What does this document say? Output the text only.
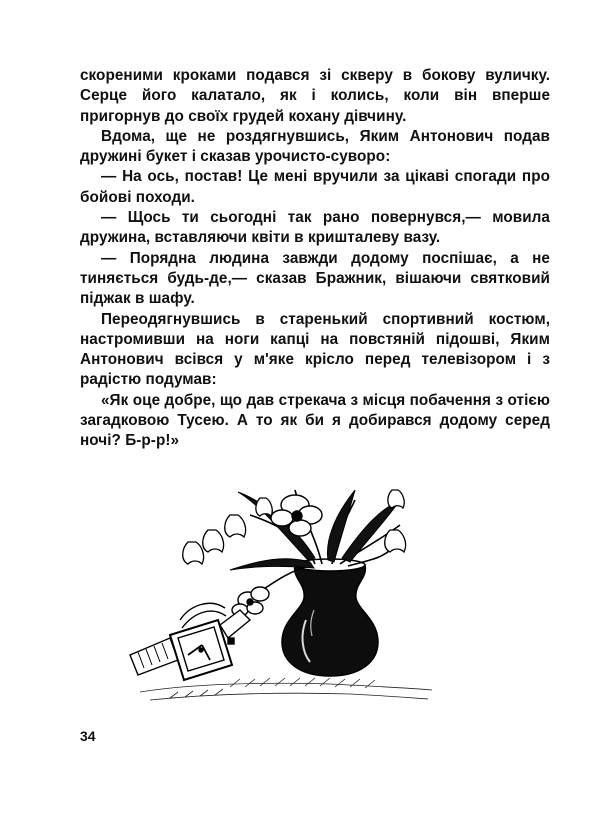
скореними кроками подався зі скверу в бокову вуличку. Серце його калатало, як і колись, коли він вперше пригорнув до своїх грудей кохану дівчину.

Вдома, ще не роздягнувшись, Яким Антонович подав дружині букет і сказав урочисто-суворо:

— На ось, постав! Це мені вручили за цікаві спогади про бойові походи.

— Щось ти сьогодні так рано повернувся,— мовила дружина, вставляючи квіти в кришталеву вазу.

— Порядна людина завжди додому поспішає, а не тиняється будь-де,— сказав Бражник, вішаючи святковий піджак в шафу.

Переодягнувшись в старенький спортивний костюм, настромивши на ноги капці на повстяній підошві, Яким Антонович всівся у м'яке крісло перед телевізором і з радістю подумав:

«Як оце добре, що дав стрекача з місця побачення з отією загадковою Тусею. А то як би я добирався додому серед ночі? Б-р-р!»

34
